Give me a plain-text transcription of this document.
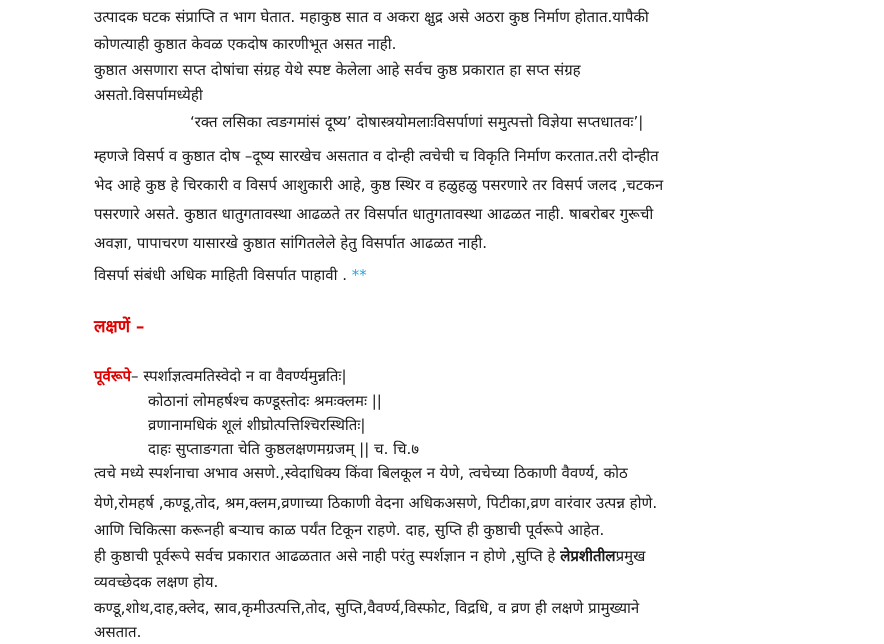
उत्पादक घटक संप्राप्ति त भाग घेतात. महाकुष्ठ सात व अकरा क्षुद्र असे अठरा कुष्ठ निर्माण होतात.यापैकी
कोणत्याही कुष्ठात केवळ एकदोष कारणीभूत असत नाही.
कुष्ठात असणारा सप्त दोषांचा संग्रह येथे स्पष्ट केलेला आहे सर्वच कुष्ठ प्रकारात हा सप्त संग्रह
असतो.विसर्पामध्येही
‘रक्त लसिका त्वङगमांसं दूष्य’ दोषास्त्रयोमलाःविसर्पाणां समुत्पत्तो विज्ञेया सप्तधातवः’|
म्हणजे विसर्प व कुष्ठात दोष –दूष्य सारखेच असतात व दोन्ही त्वचेची च विकृति निर्माण करतात.तरी दोन्हीत
भेद आहे कुष्ठ हे चिरकारी व विसर्प आशुकारी आहे, कुष्ठ स्थिर व हळुहळु पसरणारे तर विसर्प जलद ,चटकन
पसरणारे असते. कुष्ठात धातुगतावस्था आढळते तर विसर्पात धातुगतावस्था आढळत नाही. षाबरोबर गुरूची
अवज्ञा, पापाचरण यासारखे कुष्ठात सांगितलेले हेतु विसर्पात आढळत नाही.
विसर्पा संबंधी अधिक माहिती विसर्पात पाहावी . **
लक्षणें –
पूर्वरूपे– स्पर्शाज्ञत्वमतिस्वेदो न वा वैवर्ण्यमुन्नतिः|
कोठानां लोमहर्षश्च कण्डूस्तोदः श्रमःक्लमः ||
व्रणानामधिकं शूलं शीघ्रोत्पत्तिश्चिरस्थितिः|
दाहः सुप्ताङगता चेति कुष्ठलक्षणमग्रजम् || च. चि.७
त्वचे मध्ये स्पर्शनाचा अभाव असणे.,स्वेदाधिक्य किंवा बिलकूल न येणे, त्वचेच्या ठिकाणी वैवर्ण्य, कोठ
येणे,रोमहर्ष ,कण्डू,तोद, श्रम,क्लम,व्रणाच्या ठिकाणी वेदना अधिकअसणे, पिटीका,व्रण वारंवार उत्पन्न होणे.
आणि चिकित्सा करूनही बऱ्याच काळ पर्यंत टिकून राहणे. दाह, सुप्ति ही कुष्ठाची पूर्वरूपे आहेत.
ही कुष्ठाची पूर्वरूपे सर्वच प्रकारात आढळतात असे नाही परंतु स्पर्शज्ञान न होणे ,सुप्ति हे लेप्रशीतीलप्रमुख
व्यवच्छेदक लक्षण होय.
कण्डू,शोथ,दाह,क्लेद, स्राव,कृमीउत्पत्ति,तोद, सुप्ति,वैवर्ण्य,विस्फोट, विद्रधि, व व्रण ही लक्षणे प्रामुख्याने
असतात.
